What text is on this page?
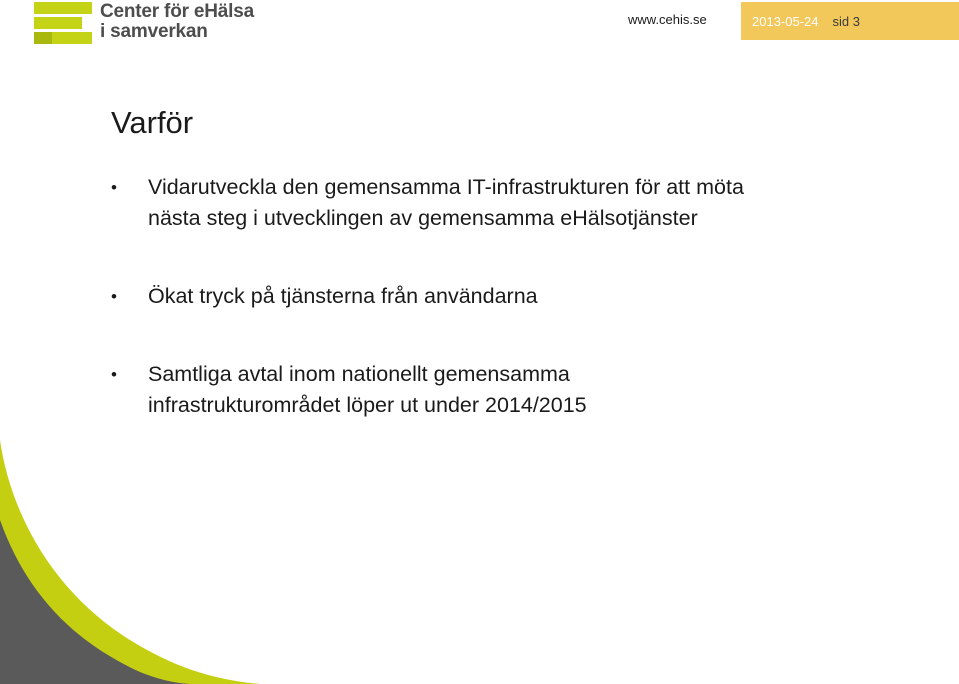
Center för eHälsa
i samverkan
www.cehis.se	2013-05-24 sid 3
Varför
• Vidarutveckla den gemensamma IT-infrastrukturen för att möta
nästa steg i utvecklingen av gemensamma eHälsotjänster
• Ökat tryck på tjänsterna från användarna
• Samtliga avtal inom nationellt gemensamma
infrastrukturområdet löper ut under 2014/2015
